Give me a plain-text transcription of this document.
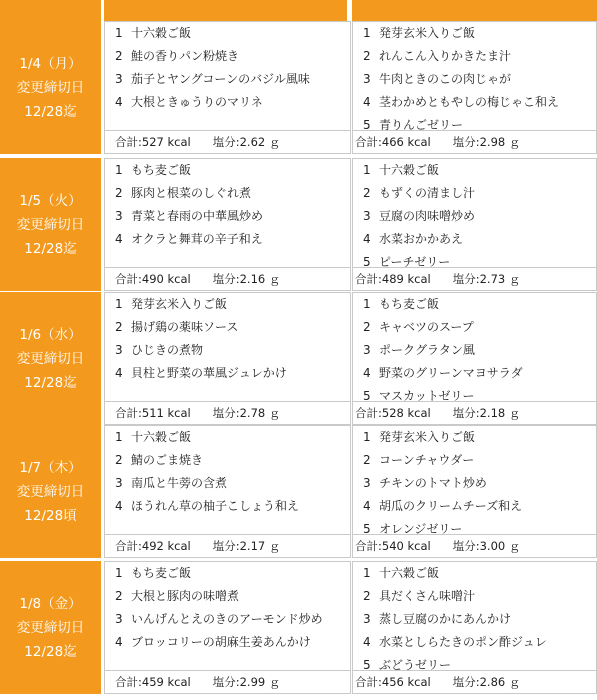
1/4（月）
変更締切日
12/28迄
1 十六穀ご飯
2 鮭の香りパン粉焼き
3 茄子とヤングコーンのバジル風味
4 大根ときゅうりのマリネ
合計:527 kcal 塩分:2.62 ｇ
1 発芽玄米入りご飯
2 れんこん入りかきたま汁
3 牛肉ときのこの肉じゃが
4 茎わかめともやしの梅じゃこ和え
5 青りんごゼリー
合計:466 kcal 塩分:2.98 ｇ
1/5（火）
変更締切日
12/28迄
1 もち麦ご飯
2 豚肉と根菜のしぐれ煮
3 青菜と春雨の中華風炒め
4 オクラと舞茸の辛子和え
合計:490 kcal 塩分:2.16 ｇ
1 十六穀ご飯
2 もずくの清まし汁
3 豆腐の肉味噌炒め
4 水菜おかかあえ
5 ピーチゼリー
合計:489 kcal 塩分:2.73 ｇ
1/6（水）
変更締切日
12/28迄
1 発芽玄米入りご飯
2 揚げ鶏の薬味ソース
3 ひじきの煮物
4 貝柱と野菜の華風ジュレかけ
合計:511 kcal 塩分:2.78 ｇ
1 もち麦ご飯
2 キャベツのスープ
3 ポークグラタン風
4 野菜のグリーンマヨサラダ
5 マスカットゼリー
合計:528 kcal 塩分:2.18 ｇ
1/7（木）
変更締切日
12/28頃
1 十六穀ご飯
2 鯖のごま焼き
3 南瓜と牛蒡の含煮
4 ほうれん草の柚子こしょう和え
合計:492 kcal 塩分:2.17 ｇ
1 発芽玄米入りご飯
2 コーンチャウダー
3 チキンのトマト炒め
4 胡瓜のクリームチーズ和え
5 オレンジゼリー
合計:540 kcal 塩分:3.00 ｇ
1/8（金）
変更締切日
12/28迄
1 もち麦ご飯
2 大根と豚肉の味噌煮
3 いんげんとえのきのアーモンド炒め
4 ブロッコリーの胡麻生姜あんかけ
合計:459 kcal 塩分:2.99 ｇ
1 十六穀ご飯
2 具だくさん味噌汁
3 蒸し豆腐のかにあんかけ
4 水菜としらたきのポン酢ジュレ
5 ぶどうゼリー
合計:456 kcal 塩分:2.86 ｇ
